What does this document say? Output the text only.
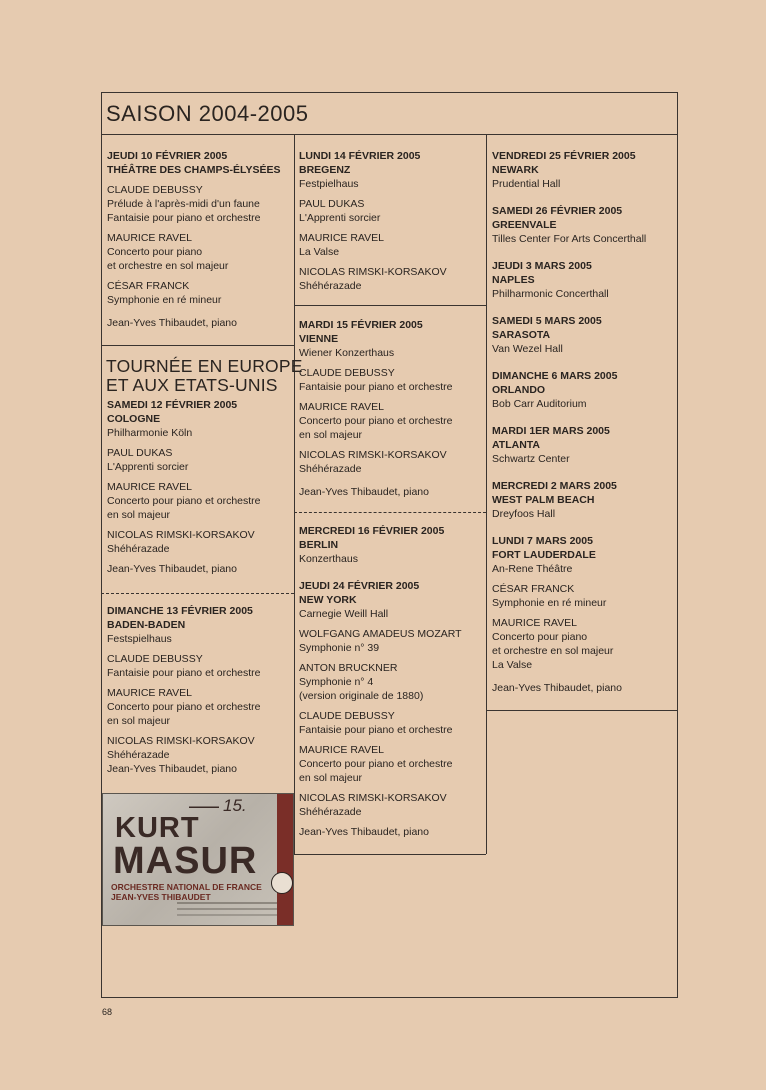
SAISON 2004-2005
JEUDI 10 FÉVRIER 2005
THÉÂTRE DES CHAMPS-ÉLYSÉES
CLAUDE DEBUSSY
Prélude à l'après-midi d'un faune
Fantaisie pour piano et orchestre
MAURICE RAVEL
Concerto pour piano
et orchestre en sol majeur
CÉSAR FRANCK
Symphonie en ré mineur
Jean-Yves Thibaudet, piano
TOURNÉE EN EUROPE
ET AUX ETATS-UNIS
SAMEDI 12 FÉVRIER 2005
COLOGNE
Philharmonie Köln
PAUL DUKAS
L'Apprenti sorcier
MAURICE RAVEL
Concerto pour piano et orchestre
en sol majeur
NICOLAS RIMSKI-KORSAKOV
Shéhérazade
Jean-Yves Thibaudet, piano
DIMANCHE 13 FÉVRIER 2005
BADEN-BADEN
Festspielhaus
CLAUDE DEBUSSY
Fantaisie pour piano et orchestre
MAURICE RAVEL
Concerto pour piano et orchestre
en sol majeur
NICOLAS RIMSKI-KORSAKOV
Shéhérazade
Jean-Yves Thibaudet, piano
▬▬▬▬▬▬ 15.
KURT
MASUR
ORCHESTRE NATIONAL DE FRANCE
JEAN-YVES THIBAUDET
LUNDI 14 FÉVRIER 2005
BREGENZ
Festpielhaus
PAUL DUKAS
L'Apprenti sorcier
MAURICE RAVEL
La Valse
NICOLAS RIMSKI-KORSAKOV
Shéhérazade
MARDI 15 FÉVRIER 2005
VIENNE
Wiener Konzerthaus
CLAUDE DEBUSSY
Fantaisie pour piano et orchestre
MAURICE RAVEL
Concerto pour piano et orchestre
en sol majeur
NICOLAS RIMSKI-KORSAKOV
Shéhérazade
Jean-Yves Thibaudet, piano
MERCREDI 16 FÉVRIER 2005
BERLIN
Konzerthaus
JEUDI 24 FÉVRIER 2005
NEW YORK
Carnegie Weill Hall
WOLFGANG AMADEUS MOZART
Symphonie n° 39
ANTON BRUCKNER
Symphonie n° 4
(version originale de 1880)
CLAUDE DEBUSSY
Fantaisie pour piano et orchestre
MAURICE RAVEL
Concerto pour piano et orchestre
en sol majeur
NICOLAS RIMSKI-KORSAKOV
Shéhérazade
Jean-Yves Thibaudet, piano
VENDREDI 25 FÉVRIER 2005
NEWARK
Prudential Hall
SAMEDI 26 FÉVRIER 2005
GREENVALE
Tilles Center For Arts Concerthall
JEUDI 3 MARS 2005
NAPLES
Philharmonic Concerthall
SAMEDI 5 MARS 2005
SARASOTA
Van Wezel Hall
DIMANCHE 6 MARS 2005
ORLANDO
Bob Carr Auditorium
MARDI 1ER MARS 2005
ATLANTA
Schwartz Center
MERCREDI 2 MARS 2005
WEST PALM BEACH
Dreyfoos Hall
LUNDI 7 MARS 2005
FORT LAUDERDALE
An-Rene Théâtre
CÉSAR FRANCK
Symphonie en ré mineur
MAURICE RAVEL
Concerto pour piano
et orchestre en sol majeur
La Valse
Jean-Yves Thibaudet, piano
68
